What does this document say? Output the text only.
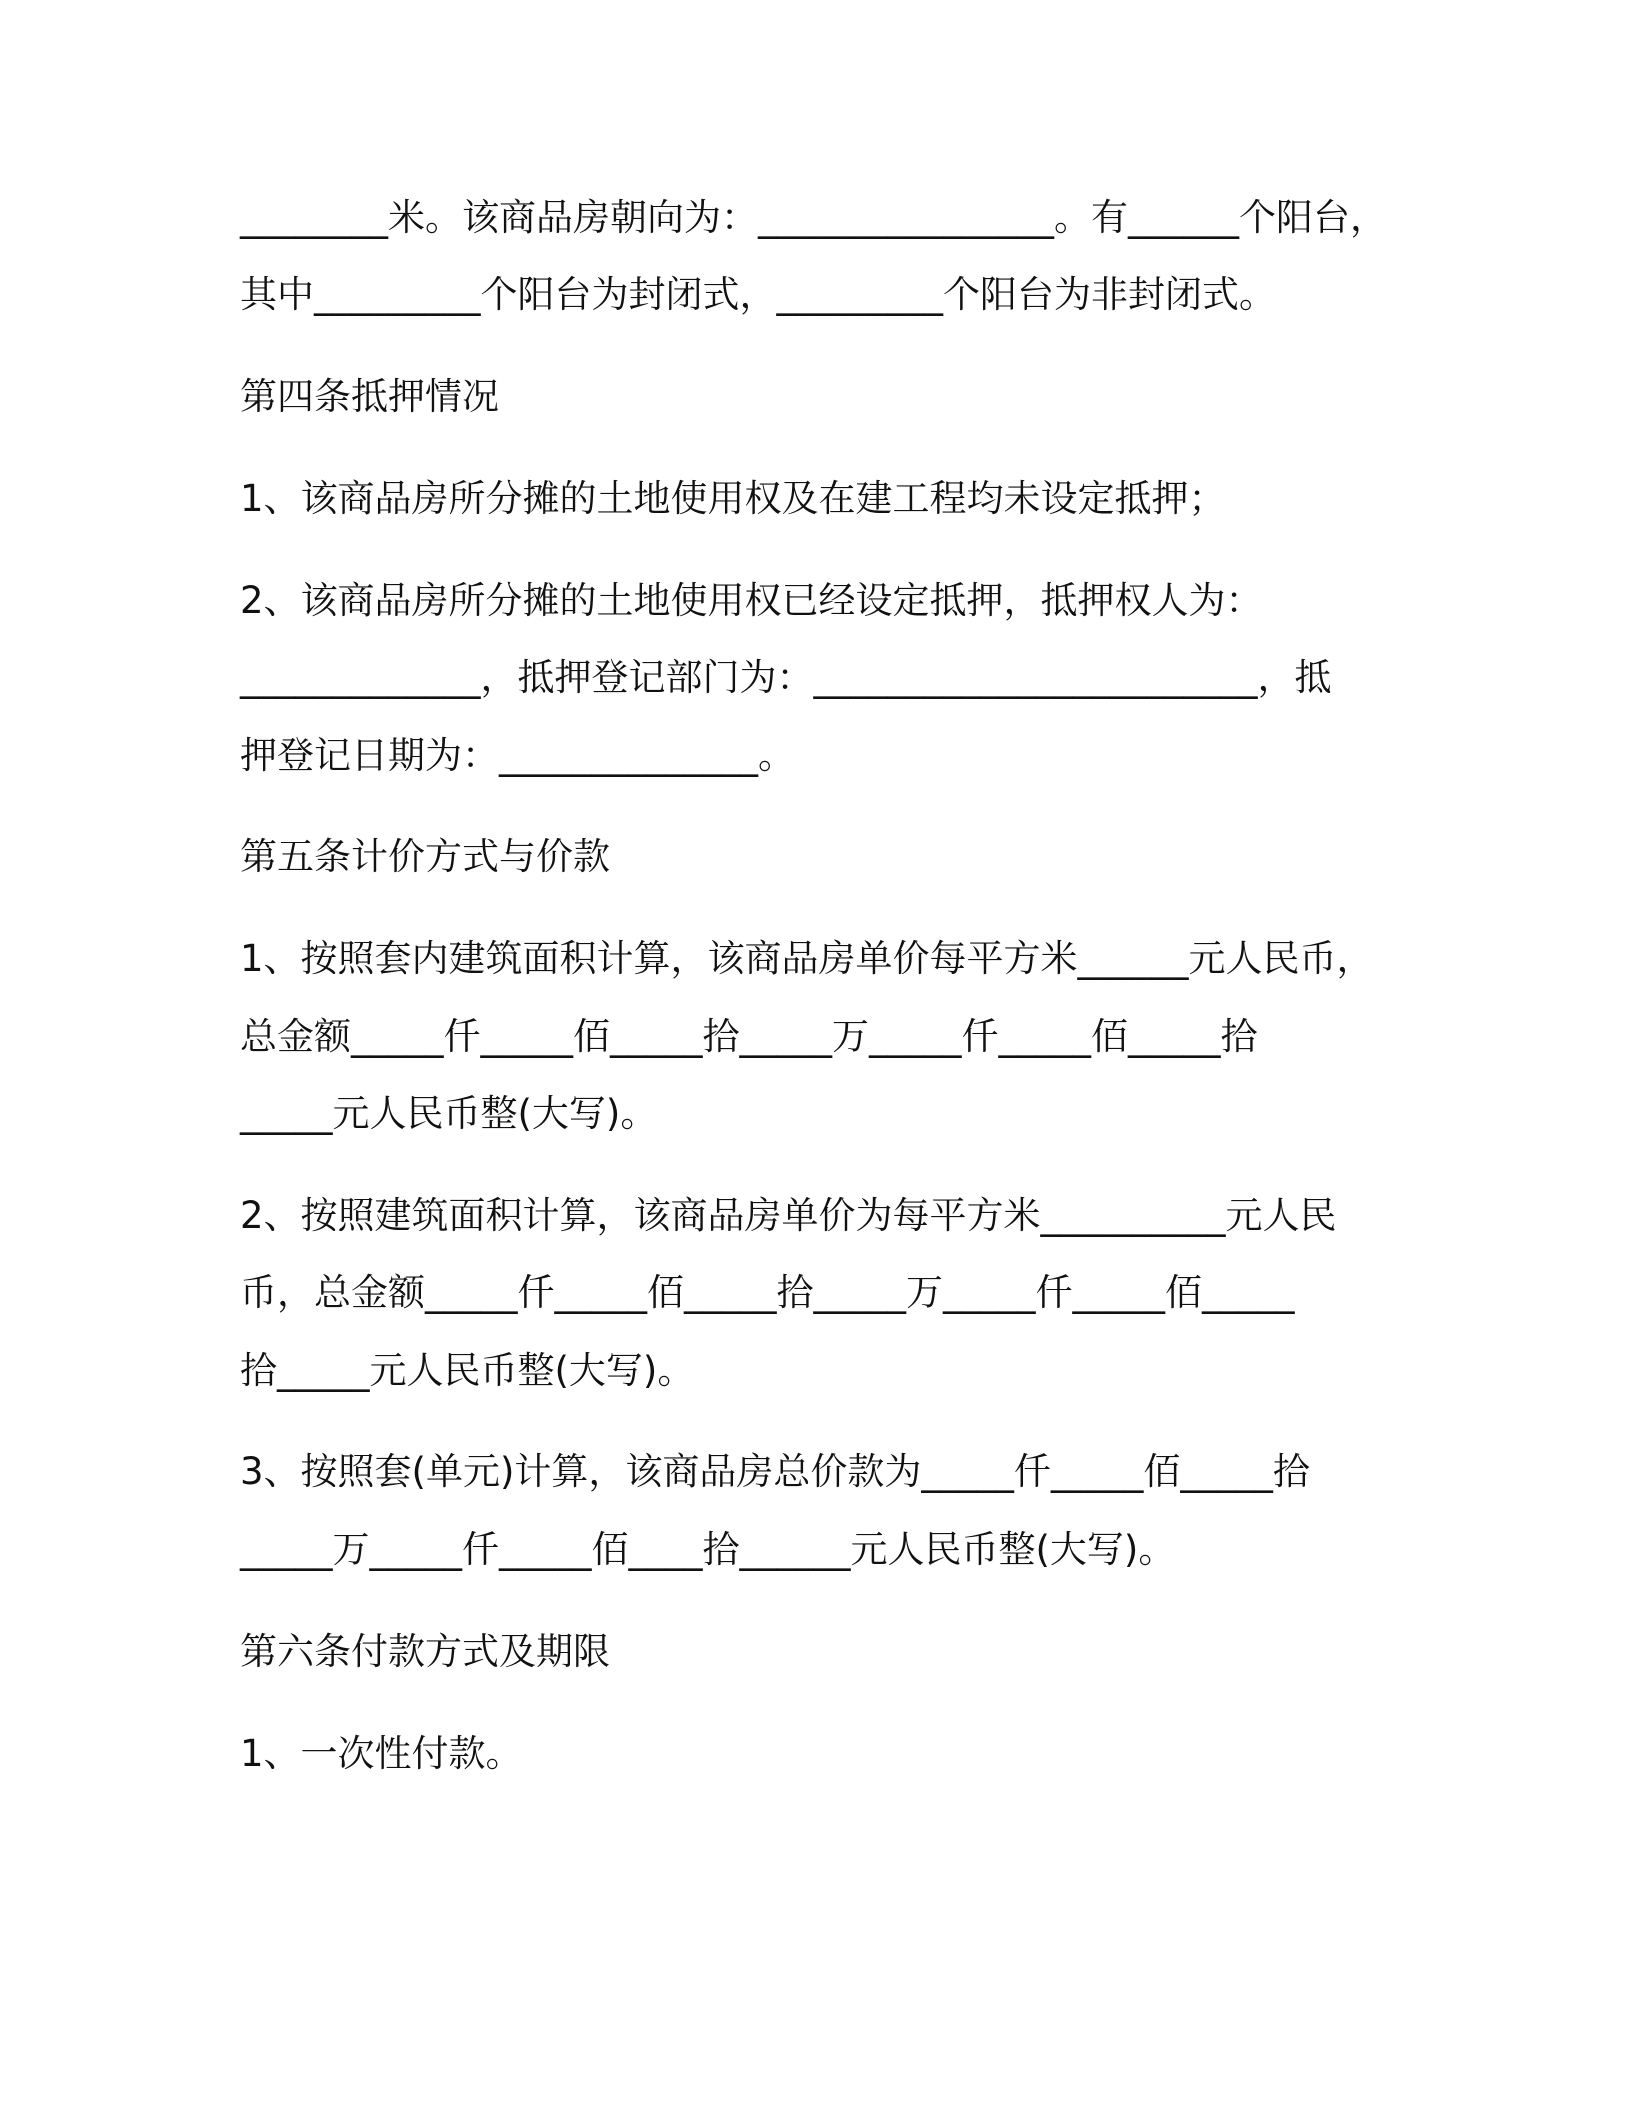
________米。该商品房朝向为：________________。有______个阳台，
其中_________个阳台为封闭式，_________个阳台为非封闭式。
第四条抵押情况
1、该商品房所分摊的土地使用权及在建工程均未设定抵押；
2、该商品房所分摊的土地使用权已经设定抵押，抵押权人为：
_____________，抵押登记部门为：________________________，抵
押登记日期为：______________。
第五条计价方式与价款
1、按照套内建筑面积计算，该商品房单价每平方米______元人民币，
总金额_____仟_____佰_____拾_____万_____仟_____佰_____拾
_____元人民币整(大写)。
2、按照建筑面积计算，该商品房单价为每平方米__________元人民
币，总金额_____仟_____佰_____拾_____万_____仟_____佰_____
拾_____元人民币整(大写)。
3、按照套(单元)计算，该商品房总价款为_____仟_____佰_____拾
_____万_____仟_____佰____拾______元人民币整(大写)。
第六条付款方式及期限
1、一次性付款。
